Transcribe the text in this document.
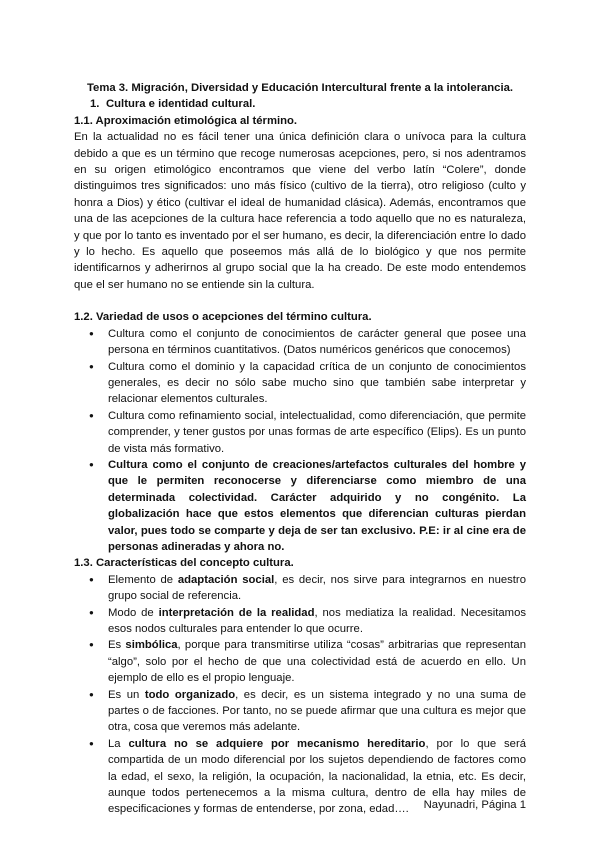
Tema 3. Migración, Diversidad y Educación Intercultural frente a la intolerancia.

1. Cultura e identidad cultural.

1.1. Aproximación etimológica al término.

En la actualidad no es fácil tener una única definición clara o unívoca para la cultura debido a que es un término que recoge numerosas acepciones, pero, si nos adentramos en su origen etimológico encontramos que viene del verbo latín “Colere”, donde distinguimos tres significados: uno más físico (cultivo de la tierra), otro religioso (culto y honra a Dios) y ético (cultivar el ideal de humanidad clásica). Además, encontramos que una de las acepciones de la cultura hace referencia a todo aquello que no es naturaleza, y que por lo tanto es inventado por el ser humano, es decir, la diferenciación entre lo dado y lo hecho. Es aquello que poseemos más allá de lo biológico y que nos permite identificarnos y adherirnos al grupo social que la ha creado. De este modo entendemos que el ser humano no se entiende sin la cultura.

1.2. Variedad de usos o acepciones del término cultura.

● Cultura como el conjunto de conocimientos de carácter general que posee una persona en términos cuantitativos. (Datos numéricos genéricos que conocemos)
● Cultura como el dominio y la capacidad crítica de un conjunto de conocimientos generales, es decir no sólo sabe mucho sino que también sabe interpretar y relacionar elementos culturales.
● Cultura como refinamiento social, intelectualidad, como diferenciación, que permite comprender, y tener gustos por unas formas de arte específico (Elips). Es un punto de vista más formativo.
● Cultura como el conjunto de creaciones/artefactos culturales del hombre y que le permiten reconocerse y diferenciarse como miembro de una determinada colectividad. Carácter adquirido y no congénito. La globalización hace que estos elementos que diferencian culturas pierdan valor, pues todo se comparte y deja de ser tan exclusivo. P.E: ir al cine era de personas adineradas y ahora no.

1.3. Características del concepto cultura.

● Elemento de adaptación social, es decir, nos sirve para integrarnos en nuestro grupo social de referencia.
● Modo de interpretación de la realidad, nos mediatiza la realidad. Necesitamos esos nodos culturales para entender lo que ocurre.
● Es simbólica, porque para transmitirse utiliza “cosas” arbitrarias que representan “algo”, solo por el hecho de que una colectividad está de acuerdo en ello. Un ejemplo de ello es el propio lenguaje.
● Es un todo organizado, es decir, es un sistema integrado y no una suma de partes o de facciones. Por tanto, no se puede afirmar que una cultura es mejor que otra, cosa que veremos más adelante.
● La cultura no se adquiere por mecanismo hereditario, por lo que será compartida de un modo diferencial por los sujetos dependiendo de factores como la edad, el sexo, la religión, la ocupación, la nacionalidad, la etnia, etc. Es decir, aunque todos pertenecemos a la misma cultura, dentro de ella hay miles de especificaciones y formas de entenderse, por zona, edad….	Nayunadri, Página 1
